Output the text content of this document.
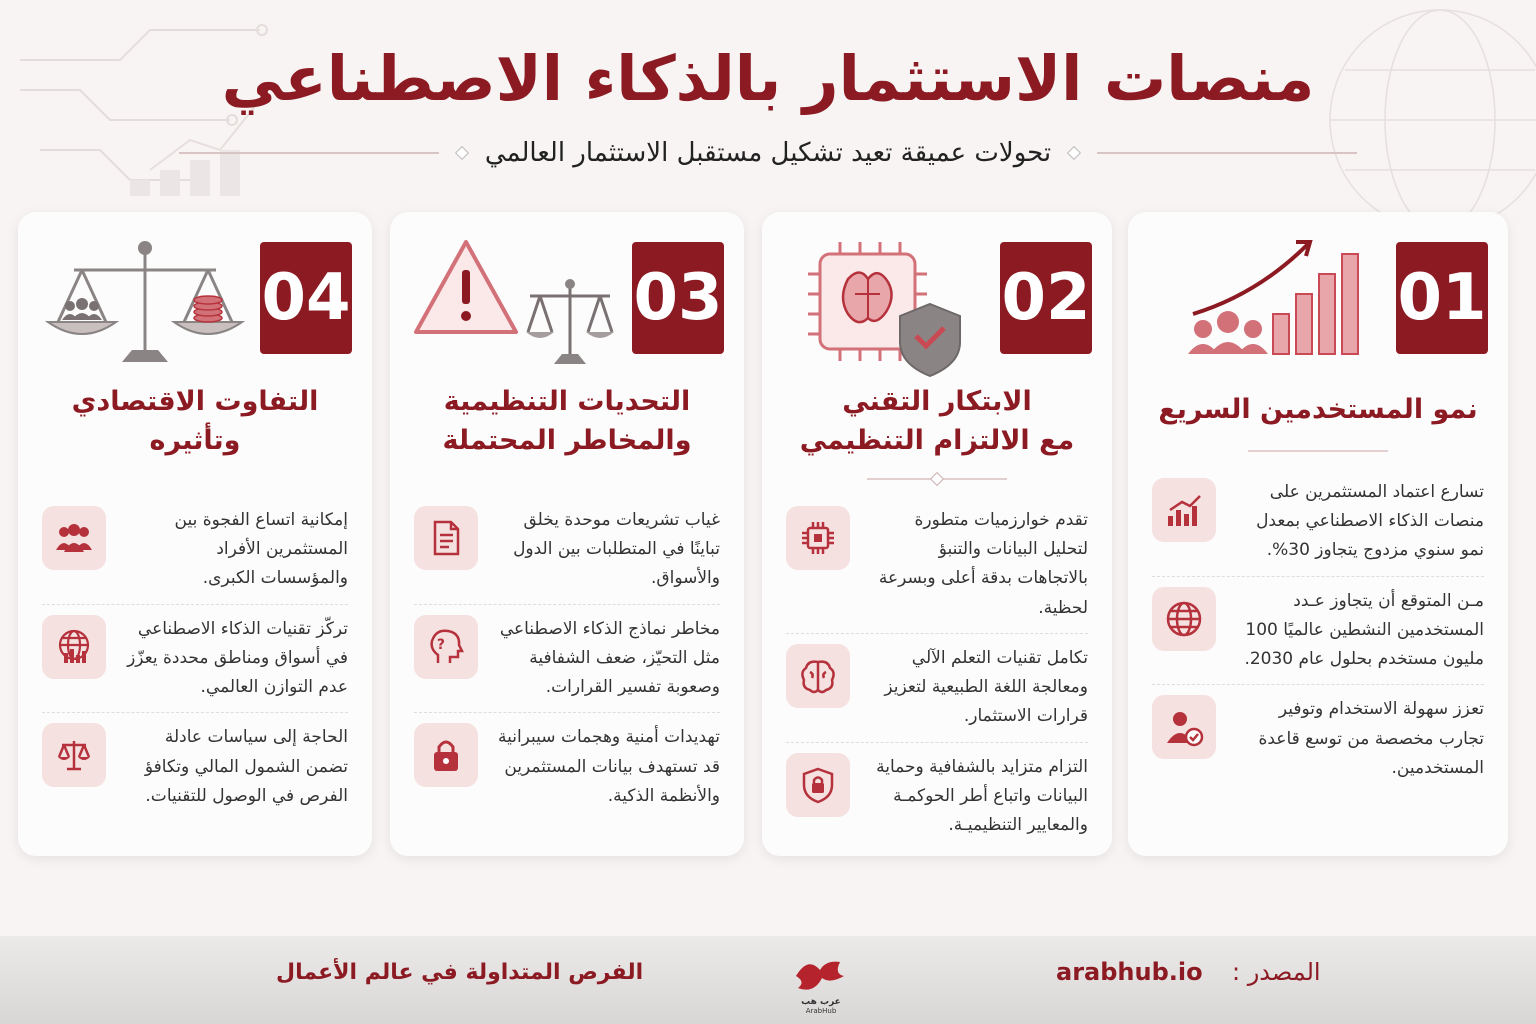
منصات الاستثمار بالذكاء الاصطناعي
تحولات عميقة تعيد تشكيل مستقبل الاستثمار العالمي
01
نمو المستخدمين السريع
تسارع اعتماد المستثمرين على منصات الذكاء الاصطناعي بمعدل نمو سنوي مزدوج يتجاوز 30%.
مـن المتوقع أن يتجاوز عـدد المستخدمين النشطين عالميًا 100 مليون مستخدم بحلول عام 2030.
تعزز سهولة الاستخدام وتوفير تجارب مخصصة من توسع قاعدة المستخدمين.
02
الابتكار التقني
مع الالتزام التنظيمي
تقدم خوارزميات متطورة لتحليل البيانات والتنبؤ بالاتجاهات بدقة أعلى وبسرعة لحظية.
تكامل تقنيات التعلم الآلي ومعالجة اللغة الطبيعية لتعزيز قرارات الاستثمار.
التزام متزايد بالشفافية وحماية البيانات واتباع أطر الحوكمـة والمعايير التنظيميـة.
03
التحديات التنظيمية
والمخاطر المحتملة
غياب تشريعات موحدة يخلق تباينًا في المتطلبات بين الدول والأسواق.
مخاطر نماذج الذكاء الاصطناعي مثل التحيّز، ضعف الشفافية وصعوبة تفسير القرارات.
?
تهديدات أمنية وهجمات سيبرانية قد تستهدف بيانات المستثمرين والأنظمة الذكية.
04
التفاوت الاقتصادي
وتأثيره
إمكانية اتساع الفجوة بين المستثمرين الأفراد والمؤسسات الكبرى.
تركّز تقنيات الذكاء الاصطناعي في أسواق ومناطق محددة يعزّز عدم التوازن العالمي.
الحاجة إلى سياسات عادلة تضمن الشمول المالي وتكافؤ الفرص في الوصول للتقنيات.
الفرص المتداولة في عالم الأعمال
عرب هب
ArabHub
arabhub.io المصدر :
